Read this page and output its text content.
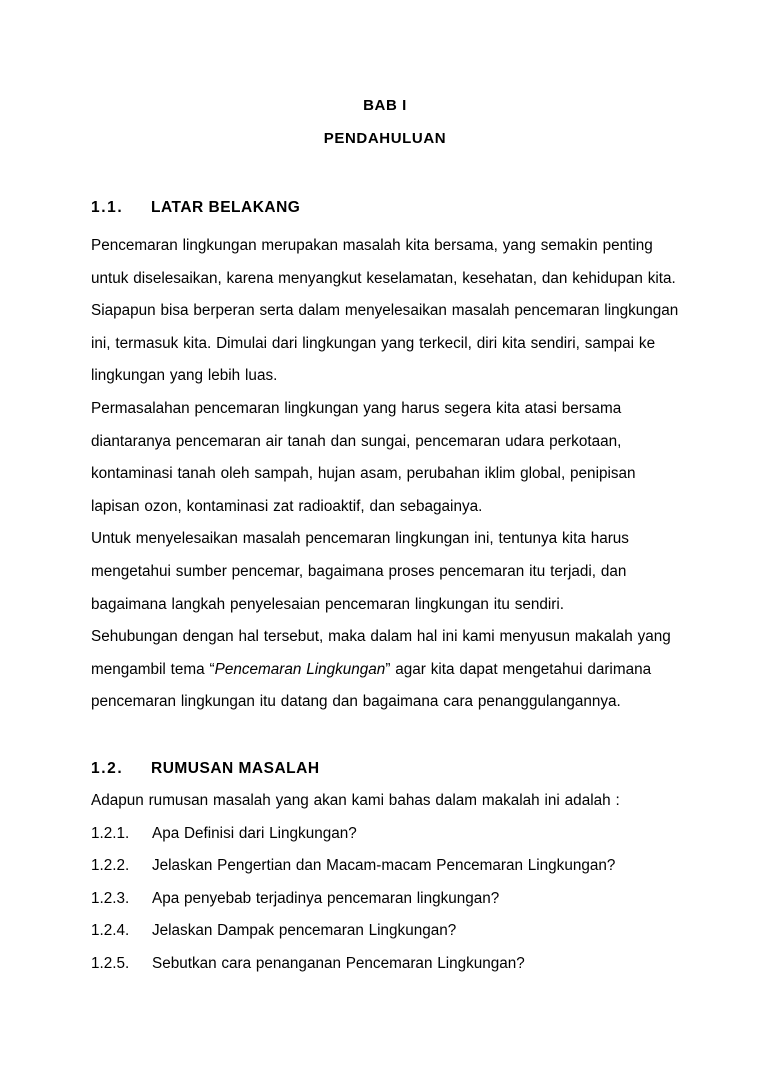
BAB I
PENDAHULUAN
1.1.	LATAR BELAKANG

Pencemaran lingkungan merupakan masalah kita bersama, yang semakin penting untuk diselesaikan, karena menyangkut keselamatan, kesehatan, dan kehidupan kita. Siapapun bisa berperan serta dalam menyelesaikan masalah pencemaran lingkungan ini, termasuk kita. Dimulai dari lingkungan yang terkecil, diri kita sendiri, sampai ke lingkungan yang lebih luas.

Permasalahan pencemaran lingkungan yang harus segera kita atasi bersama diantaranya pencemaran air tanah dan sungai, pencemaran udara perkotaan, kontaminasi tanah oleh sampah, hujan asam, perubahan iklim global, penipisan lapisan ozon, kontaminasi zat radioaktif, dan sebagainya.

Untuk menyelesaikan masalah pencemaran lingkungan ini, tentunya kita harus mengetahui sumber pencemar, bagaimana proses pencemaran itu terjadi, dan bagaimana langkah penyelesaian pencemaran lingkungan itu sendiri.

Sehubungan dengan hal tersebut, maka dalam hal ini kami menyusun makalah yang mengambil tema “Pencemaran Lingkungan” agar kita dapat mengetahui darimana pencemaran lingkungan itu datang dan bagaimana cara penanggulangannya.

1.2.	RUMUSAN MASALAH

Adapun rumusan masalah yang akan kami bahas dalam makalah ini adalah :

1.2.1.	Apa Definisi dari Lingkungan?
1.2.2.	Jelaskan Pengertian dan Macam-macam Pencemaran Lingkungan?
1.2.3.	Apa penyebab terjadinya pencemaran lingkungan?
1.2.4.	Jelaskan Dampak pencemaran Lingkungan?
1.2.5.	Sebutkan cara penanganan Pencemaran Lingkungan?
